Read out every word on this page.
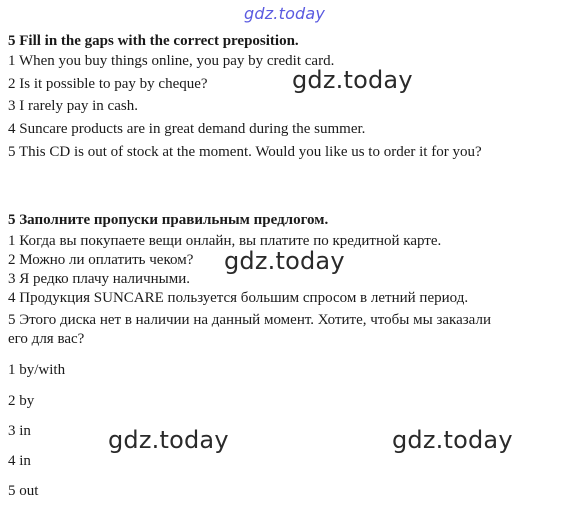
gdz.today
gdz.today
gdz.today
gdz.today	gdz.today
5 Fill in the gaps with the correct preposition.
1 When you buy things online, you pay by credit card.
2 Is it possible to pay by cheque?
3 I rarely pay in cash.
4 Suncare products are in great demand during the summer.
5 This CD is out of stock at the moment. Would you like us to order it for you?
5 Заполните пропуски правильным предлогом.
1 Когда вы покупаете вещи онлайн, вы платите по кредитной карте.
2 Можно ли оплатить чеком?
3 Я редко плачу наличными.
4 Продукция SUNCARE пользуется большим спросом в летний период.
5 Этого диска нет в наличии на данный момент. Хотите, чтобы мы заказали
его для вас?
1 by/with
2 by
3 in
4 in
5 out
